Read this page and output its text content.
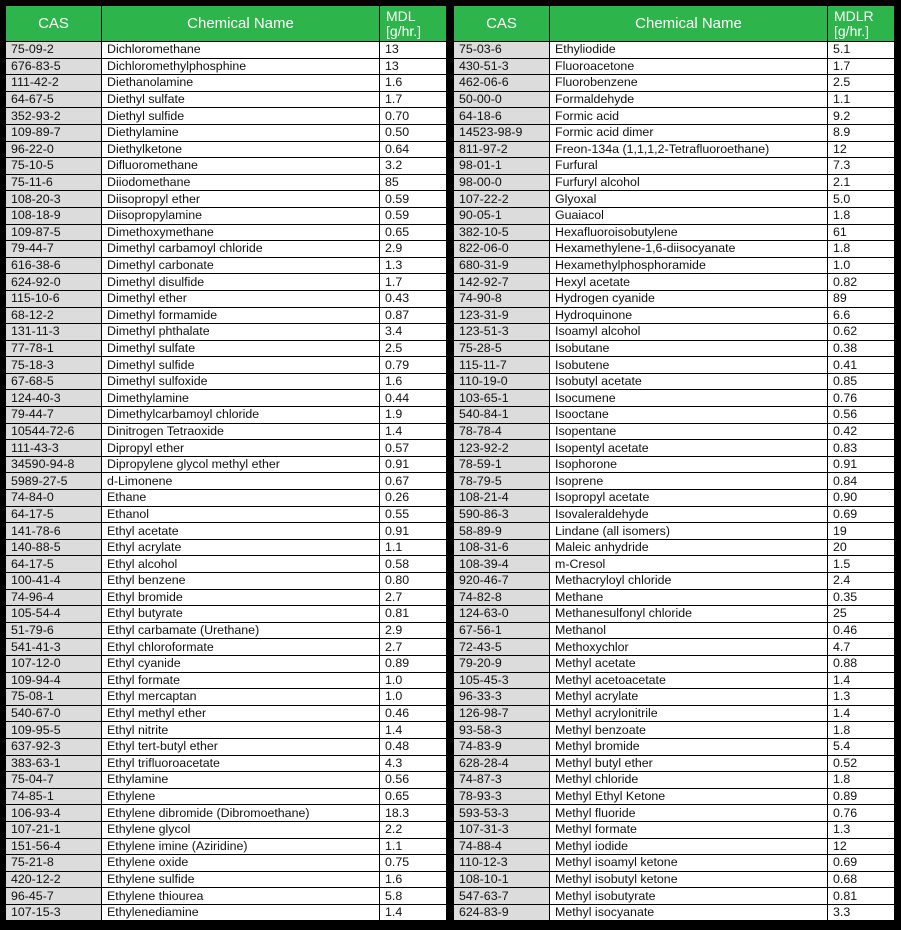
CAS	Chemical Name	MDL
[g/hr.]
75-09-2	Dichloromethane	13
676-83-5	Dichloromethylphosphine	13
111-42-2	Diethanolamine	1.6
64-67-5	Diethyl sulfate	1.7
352-93-2	Diethyl sulfide	0.70
109-89-7	Diethylamine	0.50
96-22-0	Diethylketone	0.64
75-10-5	Difluoromethane	3.2
75-11-6	Diiodomethane	85
108-20-3	Diisopropyl ether	0.59
108-18-9	Diisopropylamine	0.59
109-87-5	Dimethoxymethane	0.65
79-44-7	Dimethyl carbamoyl chloride	2.9
616-38-6	Dimethyl carbonate	1.3
624-92-0	Dimethyl disulfide	1.7
115-10-6	Dimethyl ether	0.43
68-12-2	Dimethyl formamide	0.87
131-11-3	Dimethyl phthalate	3.4
77-78-1	Dimethyl sulfate	2.5
75-18-3	Dimethyl sulfide	0.79
67-68-5	Dimethyl sulfoxide	1.6
124-40-3	Dimethylamine	0.44
79-44-7	Dimethylcarbamoyl chloride	1.9
10544-72-6	Dinitrogen Tetraoxide	1.4
111-43-3	Dipropyl ether	0.57
34590-94-8	Dipropylene glycol methyl ether	0.91
5989-27-5	d-Limonene	0.67
74-84-0	Ethane	0.26
64-17-5	Ethanol	0.55
141-78-6	Ethyl acetate	0.91
140-88-5	Ethyl acrylate	1.1
64-17-5	Ethyl alcohol	0.58
100-41-4	Ethyl benzene	0.80
74-96-4	Ethyl bromide	2.7
105-54-4	Ethyl butyrate	0.81
51-79-6	Ethyl carbamate (Urethane)	2.9
541-41-3	Ethyl chloroformate	2.7
107-12-0	Ethyl cyanide	0.89
109-94-4	Ethyl formate	1.0
75-08-1	Ethyl mercaptan	1.0
540-67-0	Ethyl methyl ether	0.46
109-95-5	Ethyl nitrite	1.4
637-92-3	Ethyl tert-butyl ether	0.48
383-63-1	Ethyl trifluoroacetate	4.3
75-04-7	Ethylamine	0.56
74-85-1	Ethylene	0.65
106-93-4	Ethylene dibromide (Dibromoethane)	18.3
107-21-1	Ethylene glycol	2.2
151-56-4	Ethylene imine (Aziridine)	1.1
75-21-8	Ethylene oxide	0.75
420-12-2	Ethylene sulfide	1.6
96-45-7	Ethylene thiourea	5.8
107-15-3	Ethylenediamine	1.4
CAS	Chemical Name	MDLR
[g/hr.]
75-03-6	Ethyliodide	5.1
430-51-3	Fluoroacetone	1.7
462-06-6	Fluorobenzene	2.5
50-00-0	Formaldehyde	1.1
64-18-6	Formic acid	9.2
14523-98-9	Formic acid dimer	8.9
811-97-2	Freon-134a (1,1,1,2-Tetrafluoroethane)	12
98-01-1	Furfural	7.3
98-00-0	Furfuryl alcohol	2.1
107-22-2	Glyoxal	5.0
90-05-1	Guaiacol	1.8
382-10-5	Hexafluoroisobutylene	61
822-06-0	Hexamethylene-1,6-diisocyanate	1.8
680-31-9	Hexamethylphosphoramide	1.0
142-92-7	Hexyl acetate	0.82
74-90-8	Hydrogen cyanide	89
123-31-9	Hydroquinone	6.6
123-51-3	Isoamyl alcohol	0.62
75-28-5	Isobutane	0.38
115-11-7	Isobutene	0.41
110-19-0	Isobutyl acetate	0.85
103-65-1	Isocumene	0.76
540-84-1	Isooctane	0.56
78-78-4	Isopentane	0.42
123-92-2	Isopentyl acetate	0.83
78-59-1	Isophorone	0.91
78-79-5	Isoprene	0.84
108-21-4	Isopropyl acetate	0.90
590-86-3	Isovaleraldehyde	0.69
58-89-9	Lindane (all isomers)	19
108-31-6	Maleic anhydride	20
108-39-4	m-Cresol	1.5
920-46-7	Methacryloyl chloride	2.4
74-82-8	Methane	0.35
124-63-0	Methanesulfonyl chloride	25
67-56-1	Methanol	0.46
72-43-5	Methoxychlor	4.7
79-20-9	Methyl acetate	0.88
105-45-3	Methyl acetoacetate	1.4
96-33-3	Methyl acrylate	1.3
126-98-7	Methyl acrylonitrile	1.4
93-58-3	Methyl benzoate	1.8
74-83-9	Methyl bromide	5.4
628-28-4	Methyl butyl ether	0.52
74-87-3	Methyl chloride	1.8
78-93-3	Methyl Ethyl Ketone	0.89
593-53-3	Methyl fluoride	0.76
107-31-3	Methyl formate	1.3
74-88-4	Methyl iodide	12
110-12-3	Methyl isoamyl ketone	0.69
108-10-1	Methyl isobutyl ketone	0.68
547-63-7	Methyl isobutyrate	0.81
624-83-9	Methyl isocyanate	3.3
